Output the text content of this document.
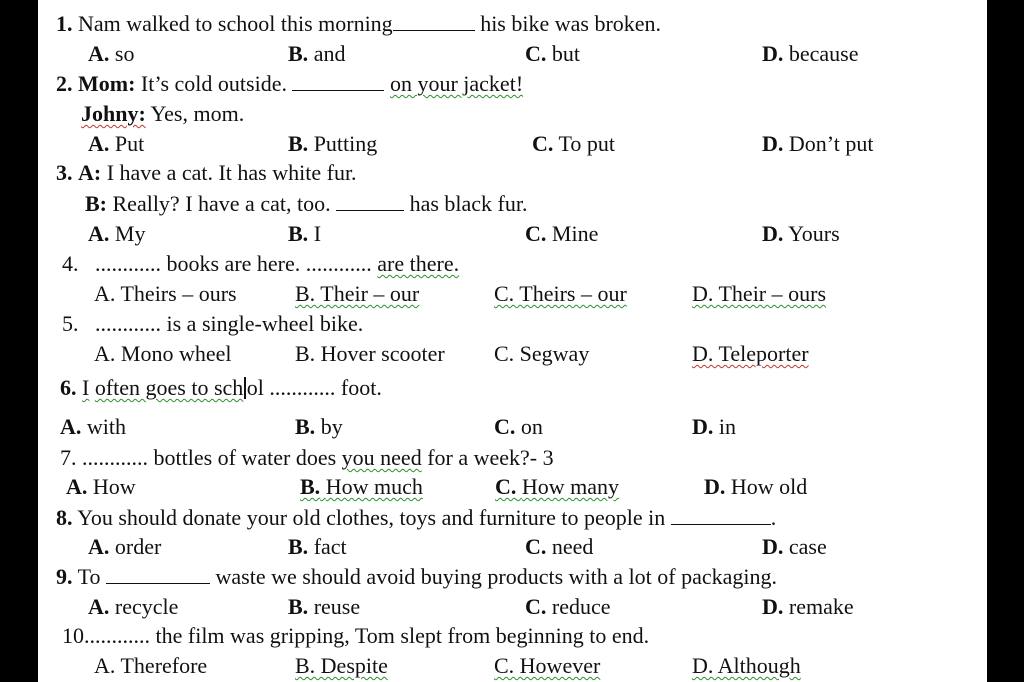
1. Nam walked to school this morning	his bike was broken.
A. so	B. and	C. but	D. because
2. Mom: It’s cold outside.	on your jacket!
Johny: Yes, mom.
A. Put	B. Putting	C. To put	D. Don’t put
3. A: I have a cat. It has white fur.
B: Really? I have a cat, too.	has black fur.
A. My	B. I	C. Mine	D. Yours
4. ............ books are here. ............ are there.
A. Theirs – ours	B. Their – our	C. Theirs – our	D. Their – ours
5. ............ is a single-wheel bike.
A. Mono wheel	B. Hover scooter C. Segway	D. Teleporter
6. I often goes to sch ol ............ foot.
A. with	B. by	C. on	D. in
7. ............ bottles of water does you need for a week?- 3
A. How	B. How much	C. How many	D. How old
8. You should donate your old clothes, toys and furniture to people in	.
A. order	B. fact	C. need	D. case
9. To	waste we should avoid buying products with a lot of packaging.
A. recycle	B. reuse	C. reduce	D. remake
10............ the film was gripping, Tom slept from beginning to end.
A. Therefore	B. Despite	C. However	D. Although
